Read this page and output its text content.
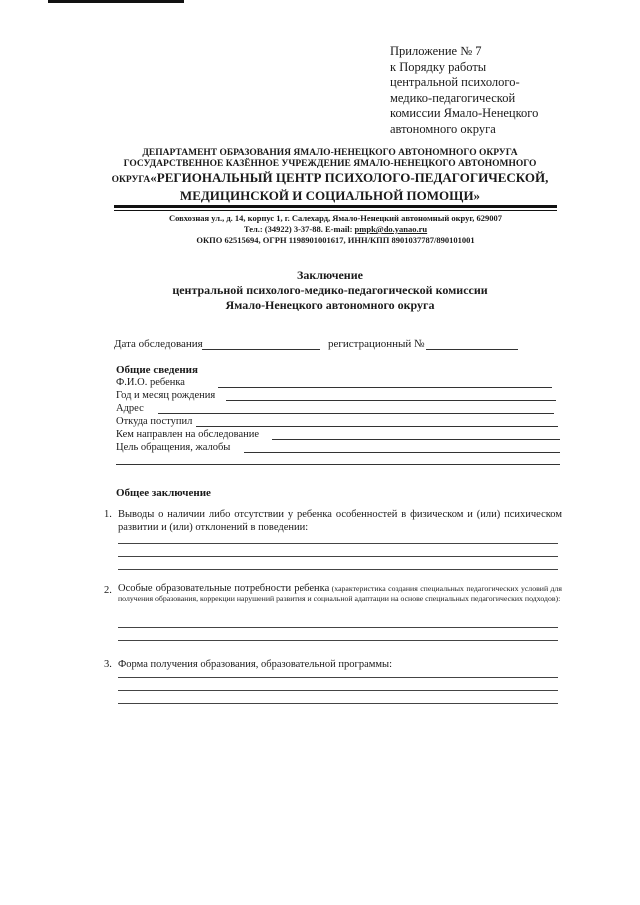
Приложение № 7
к Порядку работы
центральной психолого-
медико-педагогической
комиссии Ямало-Ненецкого
автономного округа
ДЕПАРТАМЕНТ ОБРАЗОВАНИЯ ЯМАЛО-НЕНЕЦКОГО АВТОНОМНОГО ОКРУГА
ГОСУДАРСТВЕННОЕ КАЗЁННОЕ УЧРЕЖДЕНИЕ ЯМАЛО-НЕНЕЦКОГО АВТОНОМНОГО
ОКРУГА«РЕГИОНАЛЬНЫЙ ЦЕНТР ПСИХОЛОГО-ПЕДАГОГИЧЕСКОЙ,
МЕДИЦИНСКОЙ И СОЦИАЛЬНОЙ ПОМОЩИ»
Совхозная ул., д. 14, корпус 1, г. Салехард, Ямало-Ненецкий автономный округ, 629007
Тел.: (34922) 3-37-88. E-mail: pmpk@do.yanao.ru
ОКПО 62515694, ОГРН 1198901001617, ИНН/КПП 8901037787/890101001
Заключение
центральной психолого-медико-педагогической комиссии
Ямало-Ненецкого автономного округа
Дата обследования	регистрационный №
Общие сведения
Ф.И.О. ребенка
Год и месяц рождения
Адрес
Откуда поступил
Кем направлен на обследование
Цель обращения, жалобы
Общее заключение
1. Выводы о наличии либо отсутствии у ребенка особенностей в физическом и (или) психическом развитии и (или) отклонений в поведении:
2. Особые образовательные потребности ребенка (характеристика создания специальных педагогических условий для получения образования, коррекции нарушений развития и социальной адаптации на основе специальных педагогических подходов):
3. Форма получения образования, образовательной программы:
